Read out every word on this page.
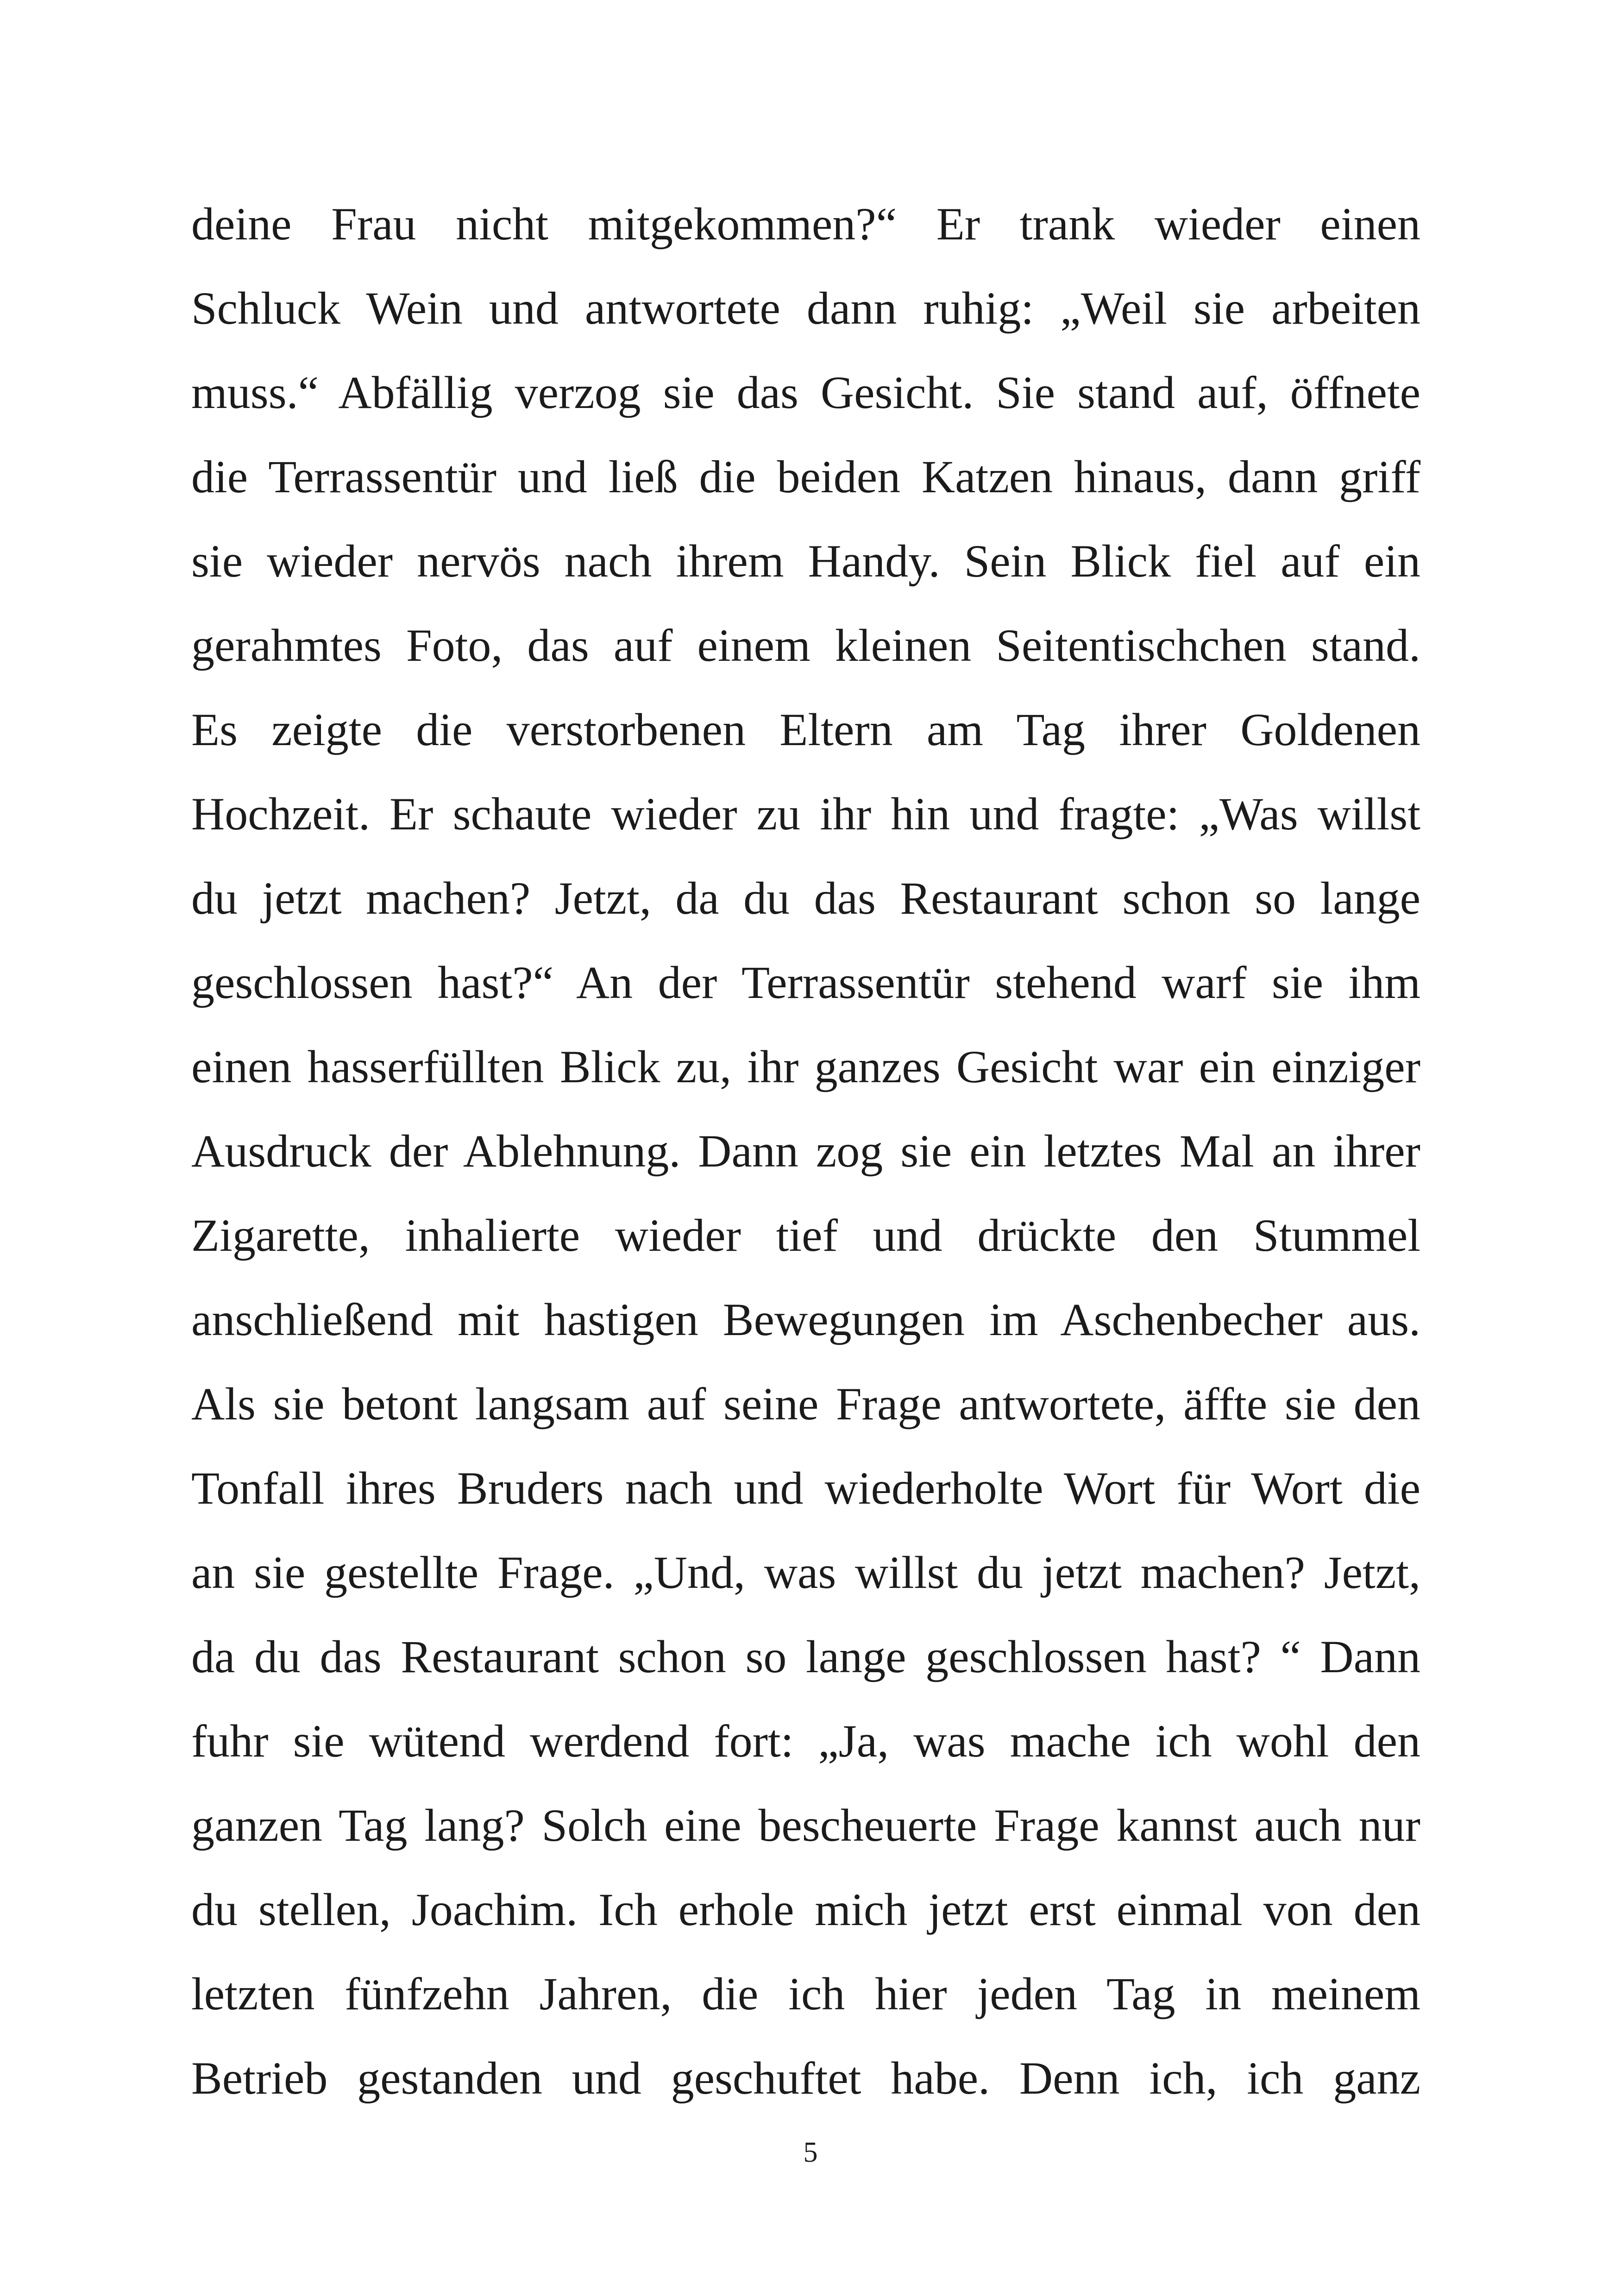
deine Frau nicht mitgekommen?“ Er trank wieder einen
Schluck Wein und antwortete dann ruhig: „Weil sie arbeiten
muss.“ Abfällig verzog sie das Gesicht. Sie stand auf, öffnete
die Terrassentür und ließ die beiden Katzen hinaus, dann griff
sie wieder nervös nach ihrem Handy. Sein Blick fiel auf ein
gerahmtes Foto, das auf einem kleinen Seitentischchen stand.
Es zeigte die verstorbenen Eltern am Tag ihrer Goldenen
Hochzeit. Er schaute wieder zu ihr hin und fragte: „Was willst
du jetzt machen? Jetzt, da du das Restaurant schon so lange
geschlossen hast?“ An der Terrassentür stehend warf sie ihm
einen hasserfüllten Blick zu, ihr ganzes Gesicht war ein einziger
Ausdruck der Ablehnung. Dann zog sie ein letztes Mal an ihrer
Zigarette, inhalierte wieder tief und drückte den Stummel
anschließend mit hastigen Bewegungen im Aschenbecher aus.
Als sie betont langsam auf seine Frage antwortete, äffte sie den
Tonfall ihres Bruders nach und wiederholte Wort für Wort die
an sie gestellte Frage. „Und, was willst du jetzt machen? Jetzt,
da du das Restaurant schon so lange geschlossen hast? “ Dann
fuhr sie wütend werdend fort: „Ja, was mache ich wohl den
ganzen Tag lang? Solch eine bescheuerte Frage kannst auch nur
du stellen, Joachim. Ich erhole mich jetzt erst einmal von den
letzten fünfzehn Jahren, die ich hier jeden Tag in meinem
Betrieb gestanden und geschuftet habe. Denn ich, ich ganz
5
